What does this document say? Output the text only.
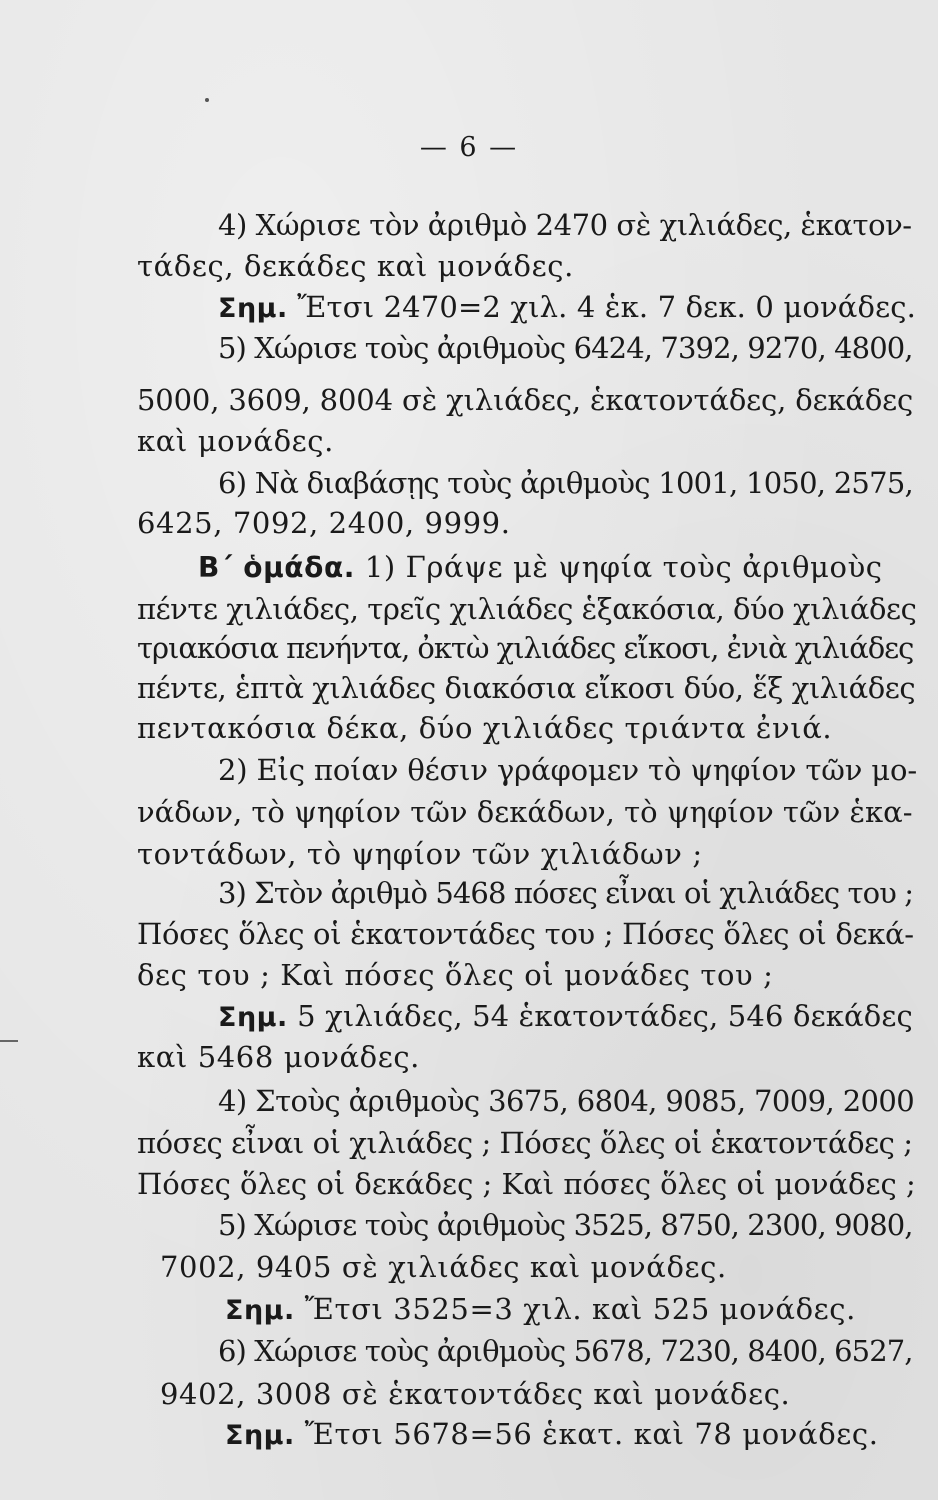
— 6 —
4) Χώρισε τὸν ἀριθμὸ 2470 σὲ χιλιάδες, ἑκατον-
τάδες, δεκάδες καὶ μονάδες.
Σημ. Ἔτσι 2470=2 χιλ. 4 ἑκ. 7 δεκ. 0 μονάδες.
5) Χώρισε τοὺς ἀριθμοὺς 6424, 7392, 9270, 4800,
5000, 3609, 8004 σὲ χιλιάδες, ἑκατοντάδες, δεκάδες
καὶ μονάδες.
6) Νὰ διαβάσῃς τοὺς ἀριθμοὺς 1001, 1050, 2575,
6425, 7092, 2400, 9999.
Β΄ ὁμάδα. 1) Γράψε μὲ ψηφία τοὺς ἀριθμοὺς
πέντε χιλιάδες, τρεῖς χιλιάδες ἑξακόσια, δύο χιλιάδες
τριακόσια πενήντα, ὀκτὼ χιλιάδες εἴκοσι, ἐνιὰ χιλιάδες
πέντε, ἑπτὰ χιλιάδες διακόσια εἴκοσι δύο, ἕξ χιλιάδες
πεντακόσια δέκα, δύο χιλιάδες τριάντα ἐνιά.
2) Εἰς ποίαν θέσιν γράφομεν τὸ ψηφίον τῶν μο-
νάδων, τὸ ψηφίον τῶν δεκάδων, τὸ ψηφίον τῶν ἑκα-
τοντάδων, τὸ ψηφίον τῶν χιλιάδων ;
3) Στὸν ἀριθμὸ 5468 πόσες εἶναι οἱ χιλιάδες του ;
Πόσες ὅλες οἱ ἑκατοντάδες του ; Πόσες ὅλες οἱ δεκά-
δες του ; Καὶ πόσες ὅλες οἱ μονάδες του ;
Σημ. 5 χιλιάδες, 54 ἑκατοντάδες, 546 δεκάδες
καὶ 5468 μονάδες.
4) Στοὺς ἀριθμοὺς 3675, 6804, 9085, 7009, 2000
πόσες εἶναι οἱ χιλιάδες ; Πόσες ὅλες οἱ ἑκατοντάδες ;
Πόσες ὅλες οἱ δεκάδες ; Καὶ πόσες ὅλες οἱ μονάδες ;
5) Χώρισε τοὺς ἀριθμοὺς 3525, 8750, 2300, 9080,
7002, 9405 σὲ χιλιάδες καὶ μονάδες.
Σημ. Ἔτσι 3525=3 χιλ. καὶ 525 μονάδες.
6) Χώρισε τοὺς ἀριθμοὺς 5678, 7230, 8400, 6527,
9402, 3008 σὲ ἑκατοντάδες καὶ μονάδες.
Σημ. Ἔτσι 5678=56 ἑκατ. καὶ 78 μονάδες.
